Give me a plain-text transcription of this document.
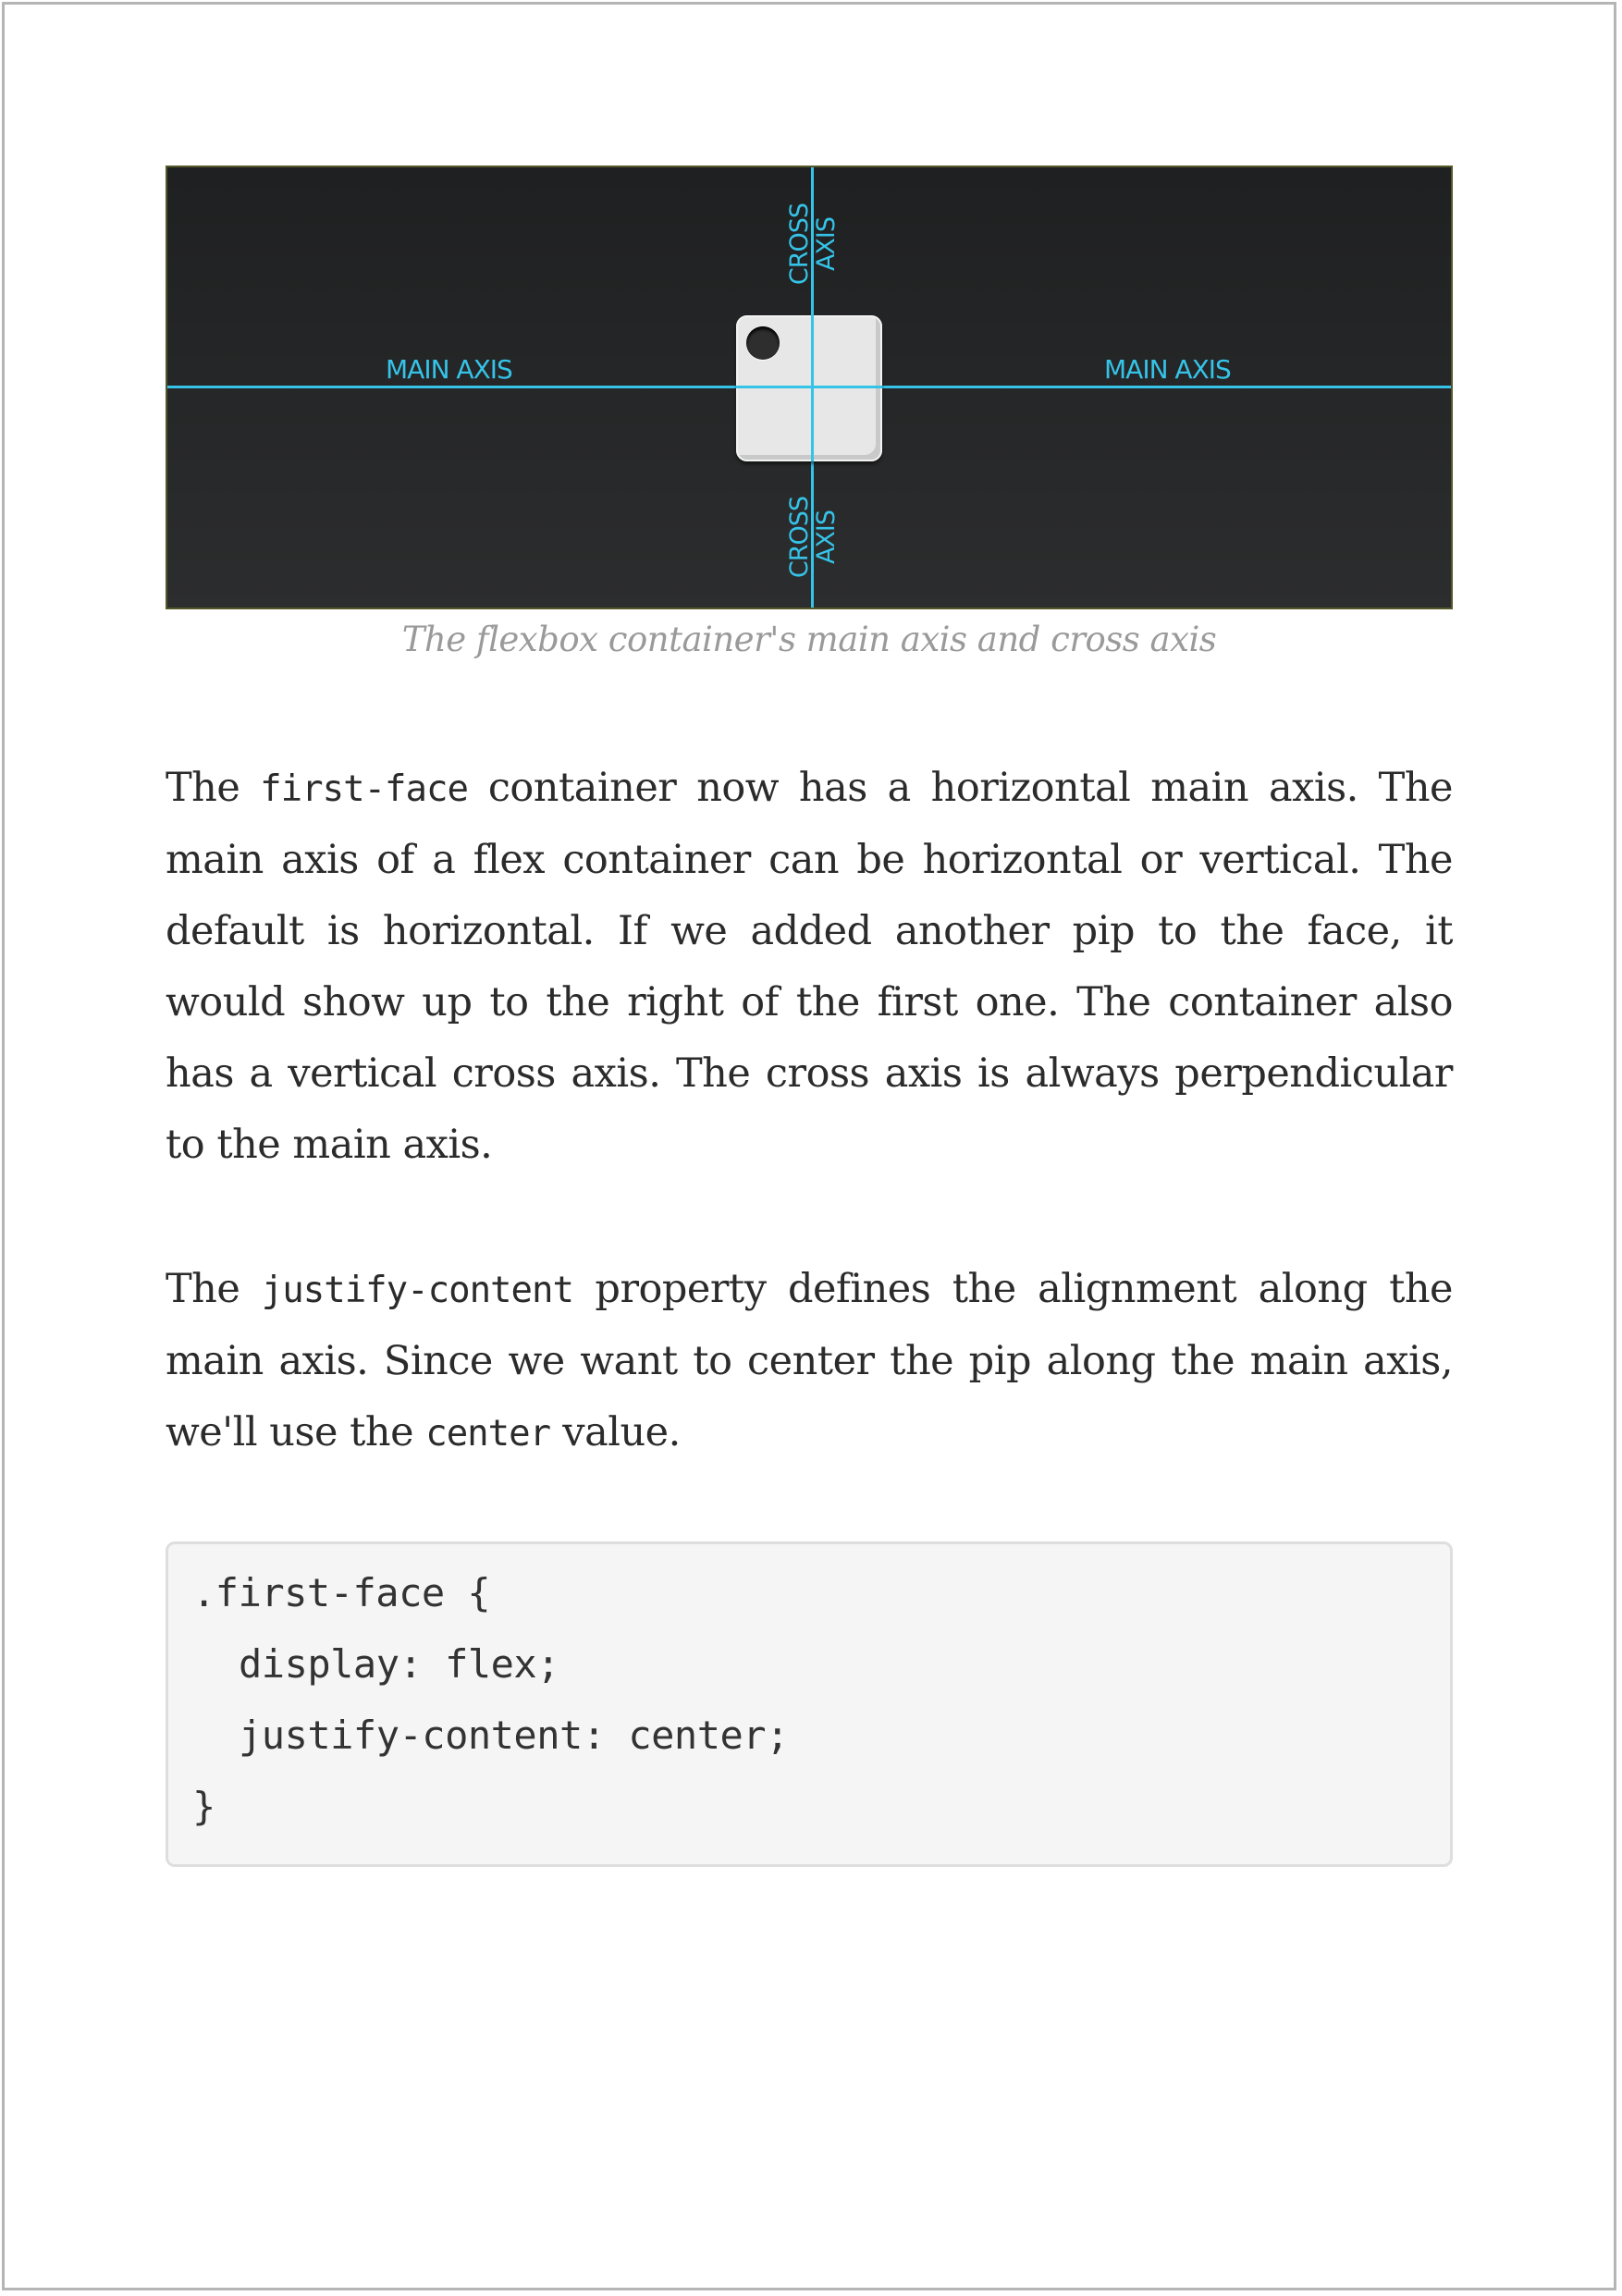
MAIN AXIS	MAIN AXIS
CROSS AXIS
CROSS AXIS
The flexbox container's main axis and cross axis

The first-face container now has a horizontal main axis. The main axis of a flex container can be horizontal or vertical. The default is horizontal. If we added another pip to the face, it would show up to the right of the first one. The container also has a vertical cross axis. The cross axis is always perpendicular to the main axis.

The justify-content property defines the alignment along the main axis. Since we want to center the pip along the main axis, we'll use the center value.

.first-face {
display: flex;
justify-content: center;
}
